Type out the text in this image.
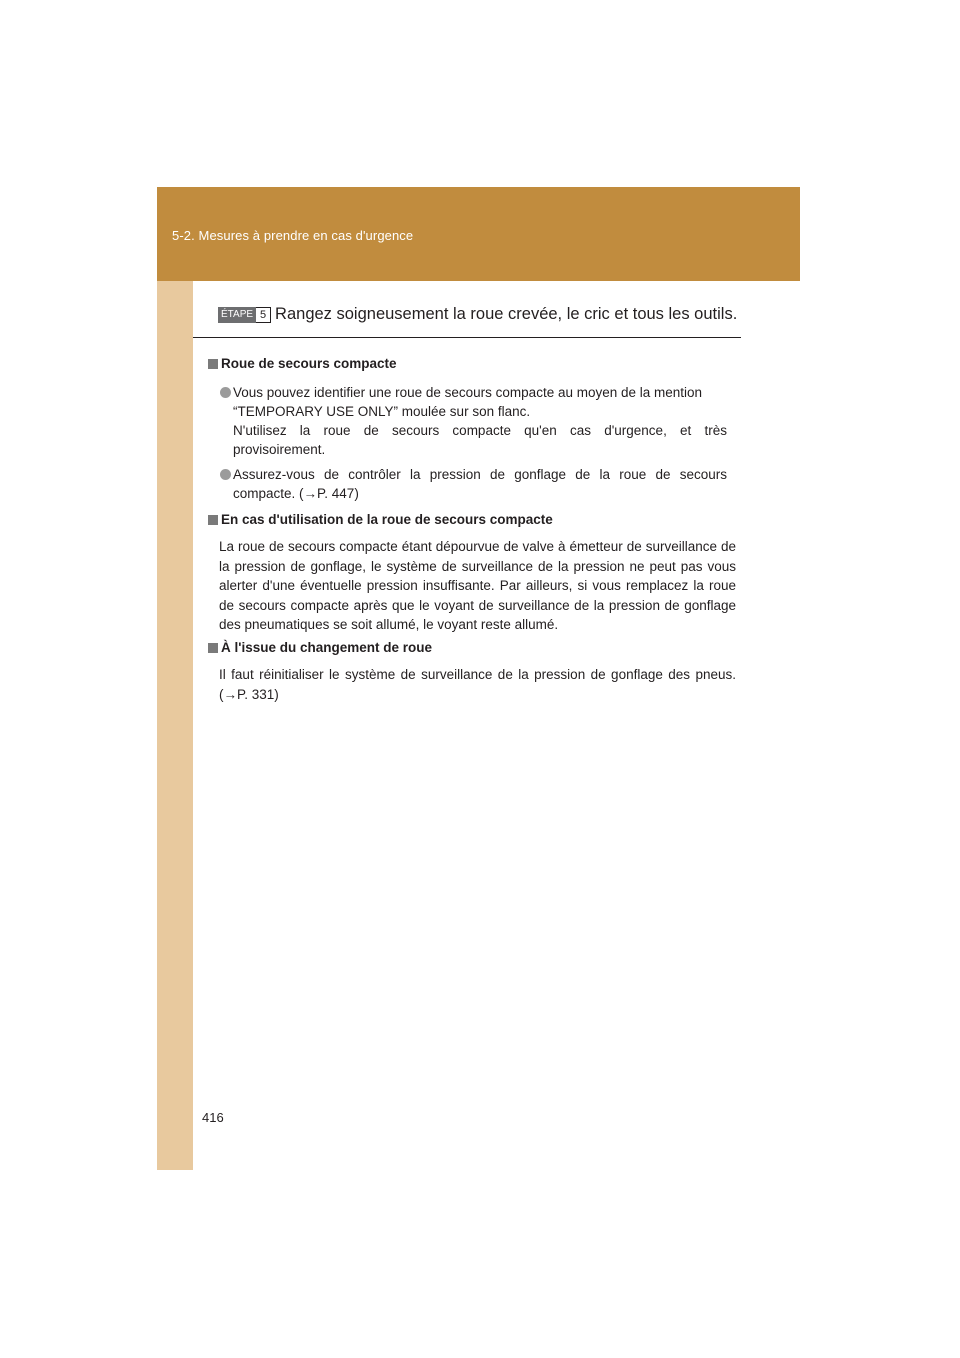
5-2. Mesures à prendre en cas d'urgence
ÉTAPE 5 Rangez soigneusement la roue crevée, le cric et tous les outils.
Roue de secours compacte
Vous pouvez identifier une roue de secours compacte au moyen de la mention
“TEMPORARY USE ONLY” moulée sur son flanc.
N'utilisez la roue de secours compacte qu'en cas d'urgence, et très provisoirement.
Assurez-vous de contrôler la pression de gonflage de la roue de secours compacte. (→P. 447)
En cas d'utilisation de la roue de secours compacte
La roue de secours compacte étant dépourvue de valve à émetteur de surveillance de la pression de gonflage, le système de surveillance de la pression ne peut pas vous alerter d'une éventuelle pression insuffisante. Par ailleurs, si vous remplacez la roue de secours compacte après que le voyant de surveillance de la pression de gonflage des pneumatiques se soit allumé, le voyant reste allumé.
À l'issue du changement de roue
Il faut réinitialiser le système de surveillance de la pression de gonflage des pneus. (→P. 331)
416
